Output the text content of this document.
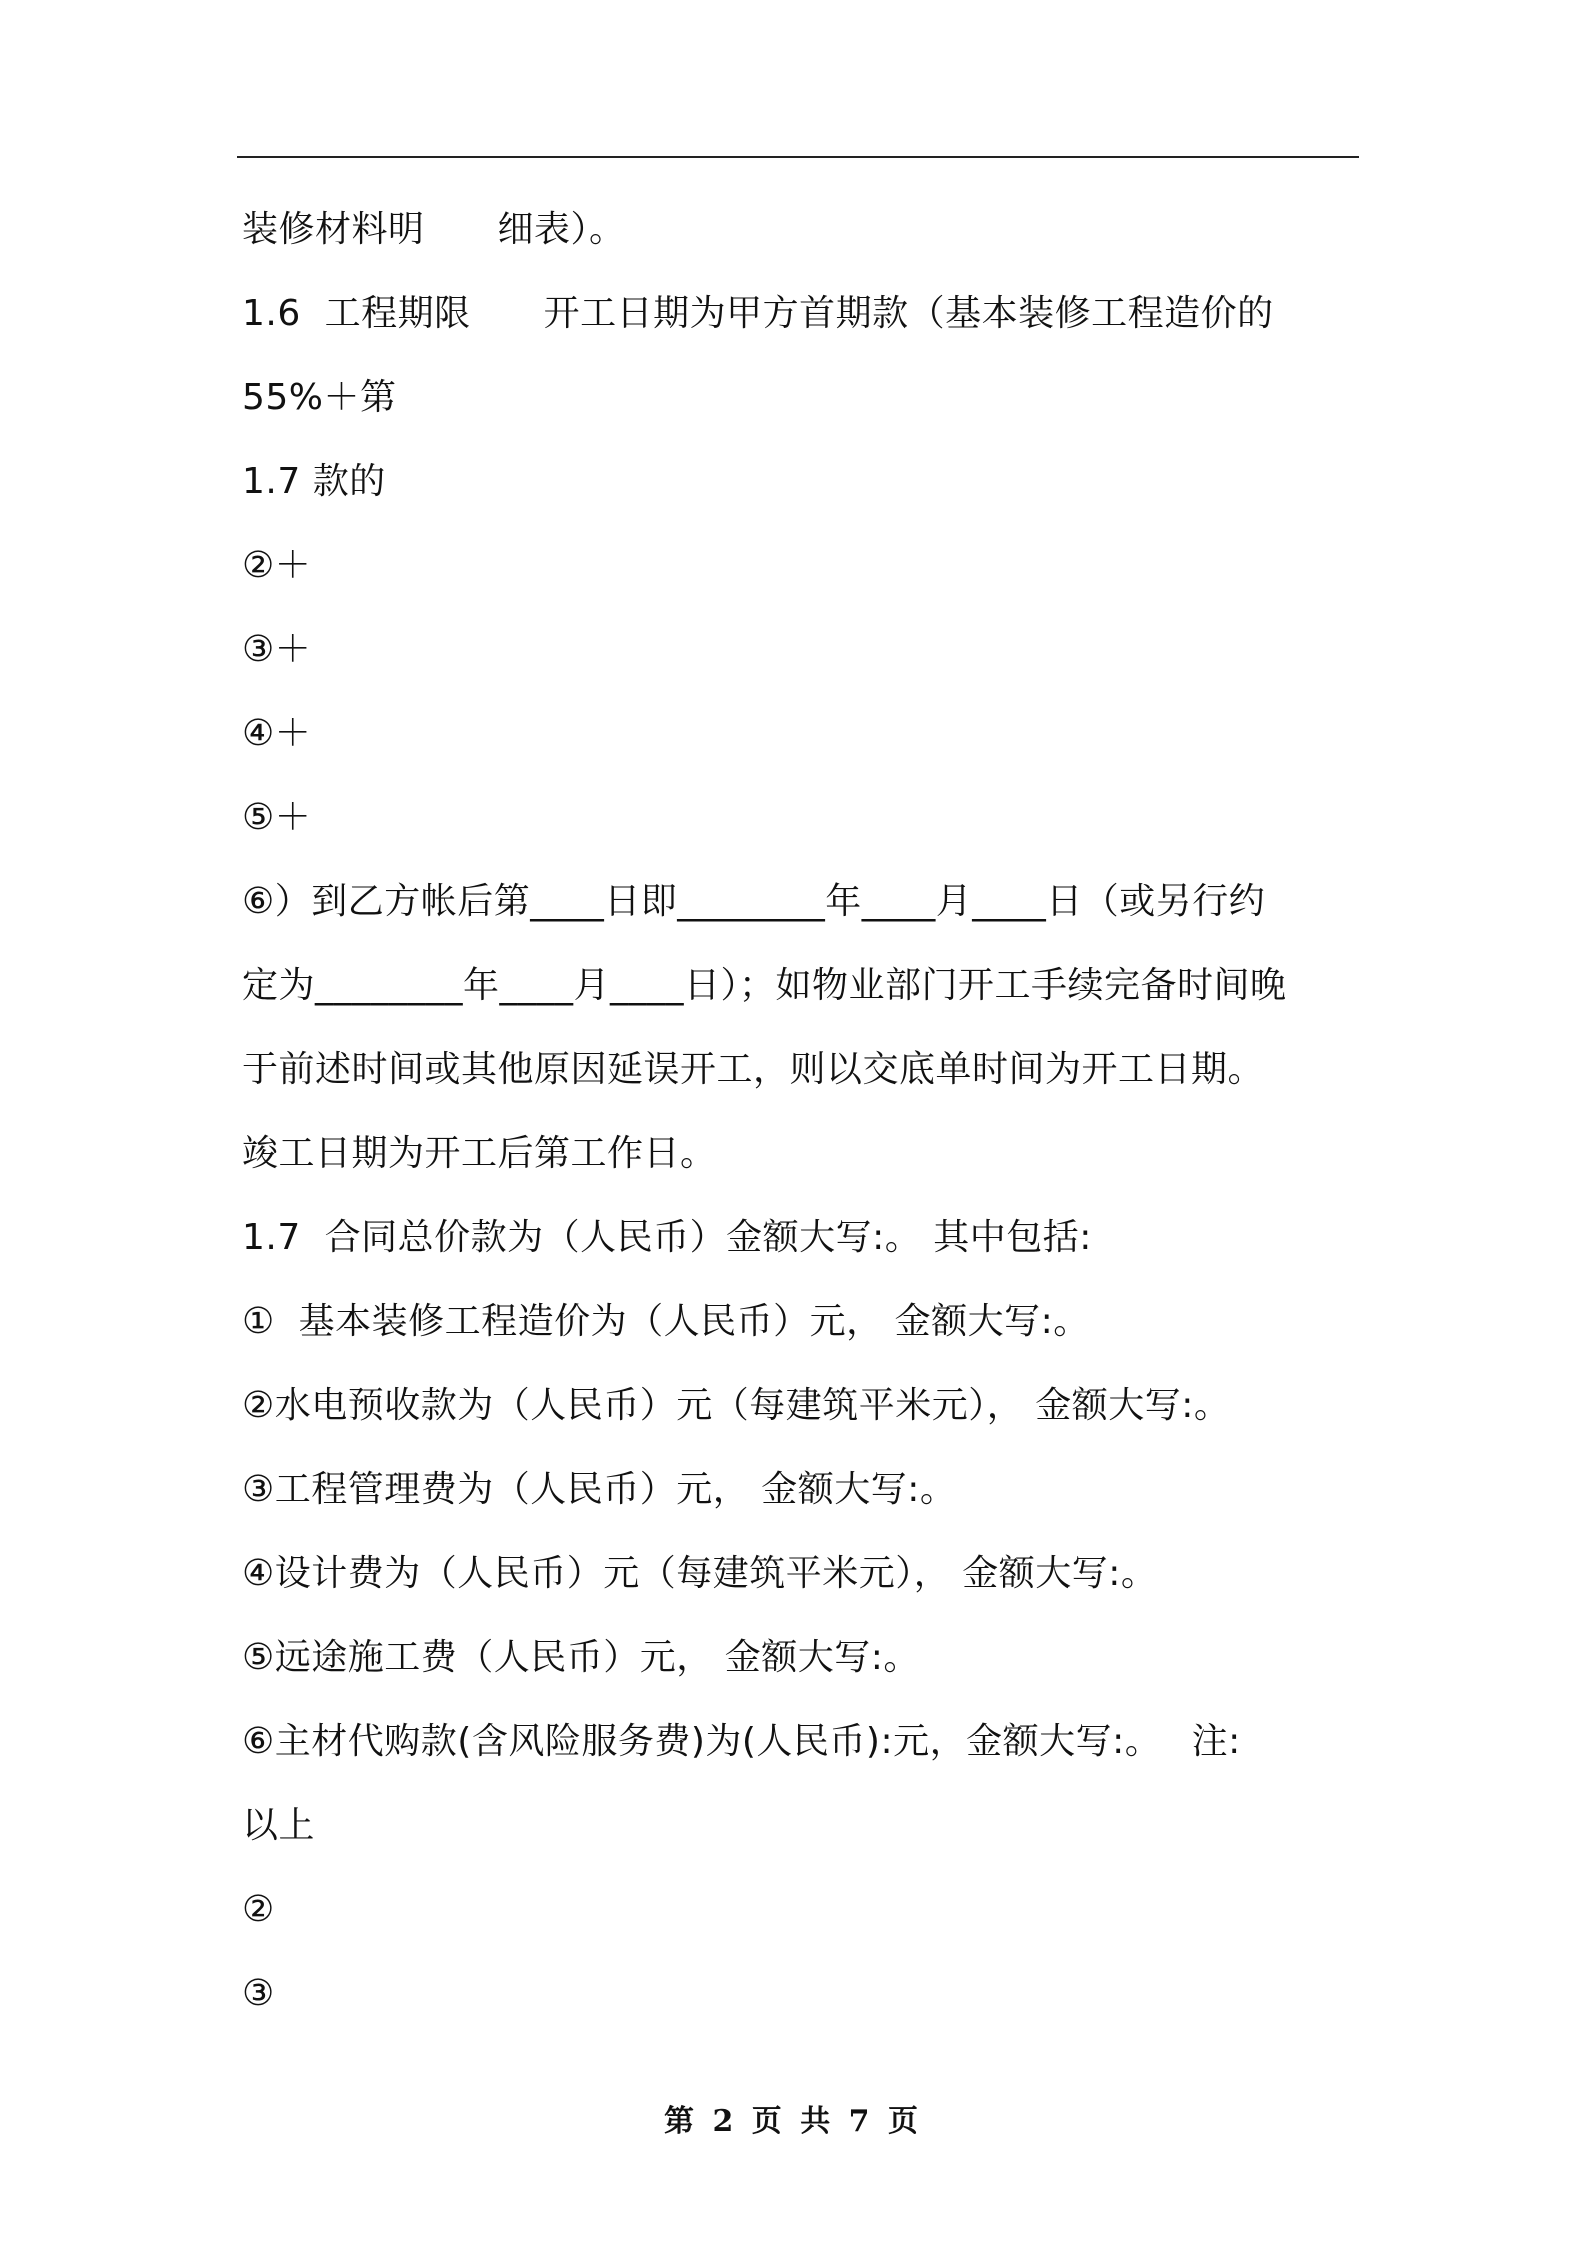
装修材料明　　细表）。
1.6  工程期限　　开工日期为甲方首期款（基本装修工程造价的
55%＋第
1.7 款的
②＋
③＋
④＋
⑤＋
⑥）到乙方帐后第____日即________年____月____日（或另行约
定为________年____月____日）；如物业部门开工手续完备时间晚
于前述时间或其他原因延误开工，则以交底单时间为开工日期。
竣工日期为开工后第工作日。
1.7  合同总价款为（人民币）金额大写:。 其中包括:
①  基本装修工程造价为（人民币）元， 金额大写:。
②水电预收款为（人民币）元（每建筑平米元）， 金额大写:。
③工程管理费为（人民币）元， 金额大写:。
④设计费为（人民币）元（每建筑平米元）， 金额大写:。
⑤远途施工费（人民币）元， 金额大写:。
⑥主材代购款(含风险服务费)为(人民币):元，金额大写:。　 注:
以上
②
③
第 2 页 共 7 页
